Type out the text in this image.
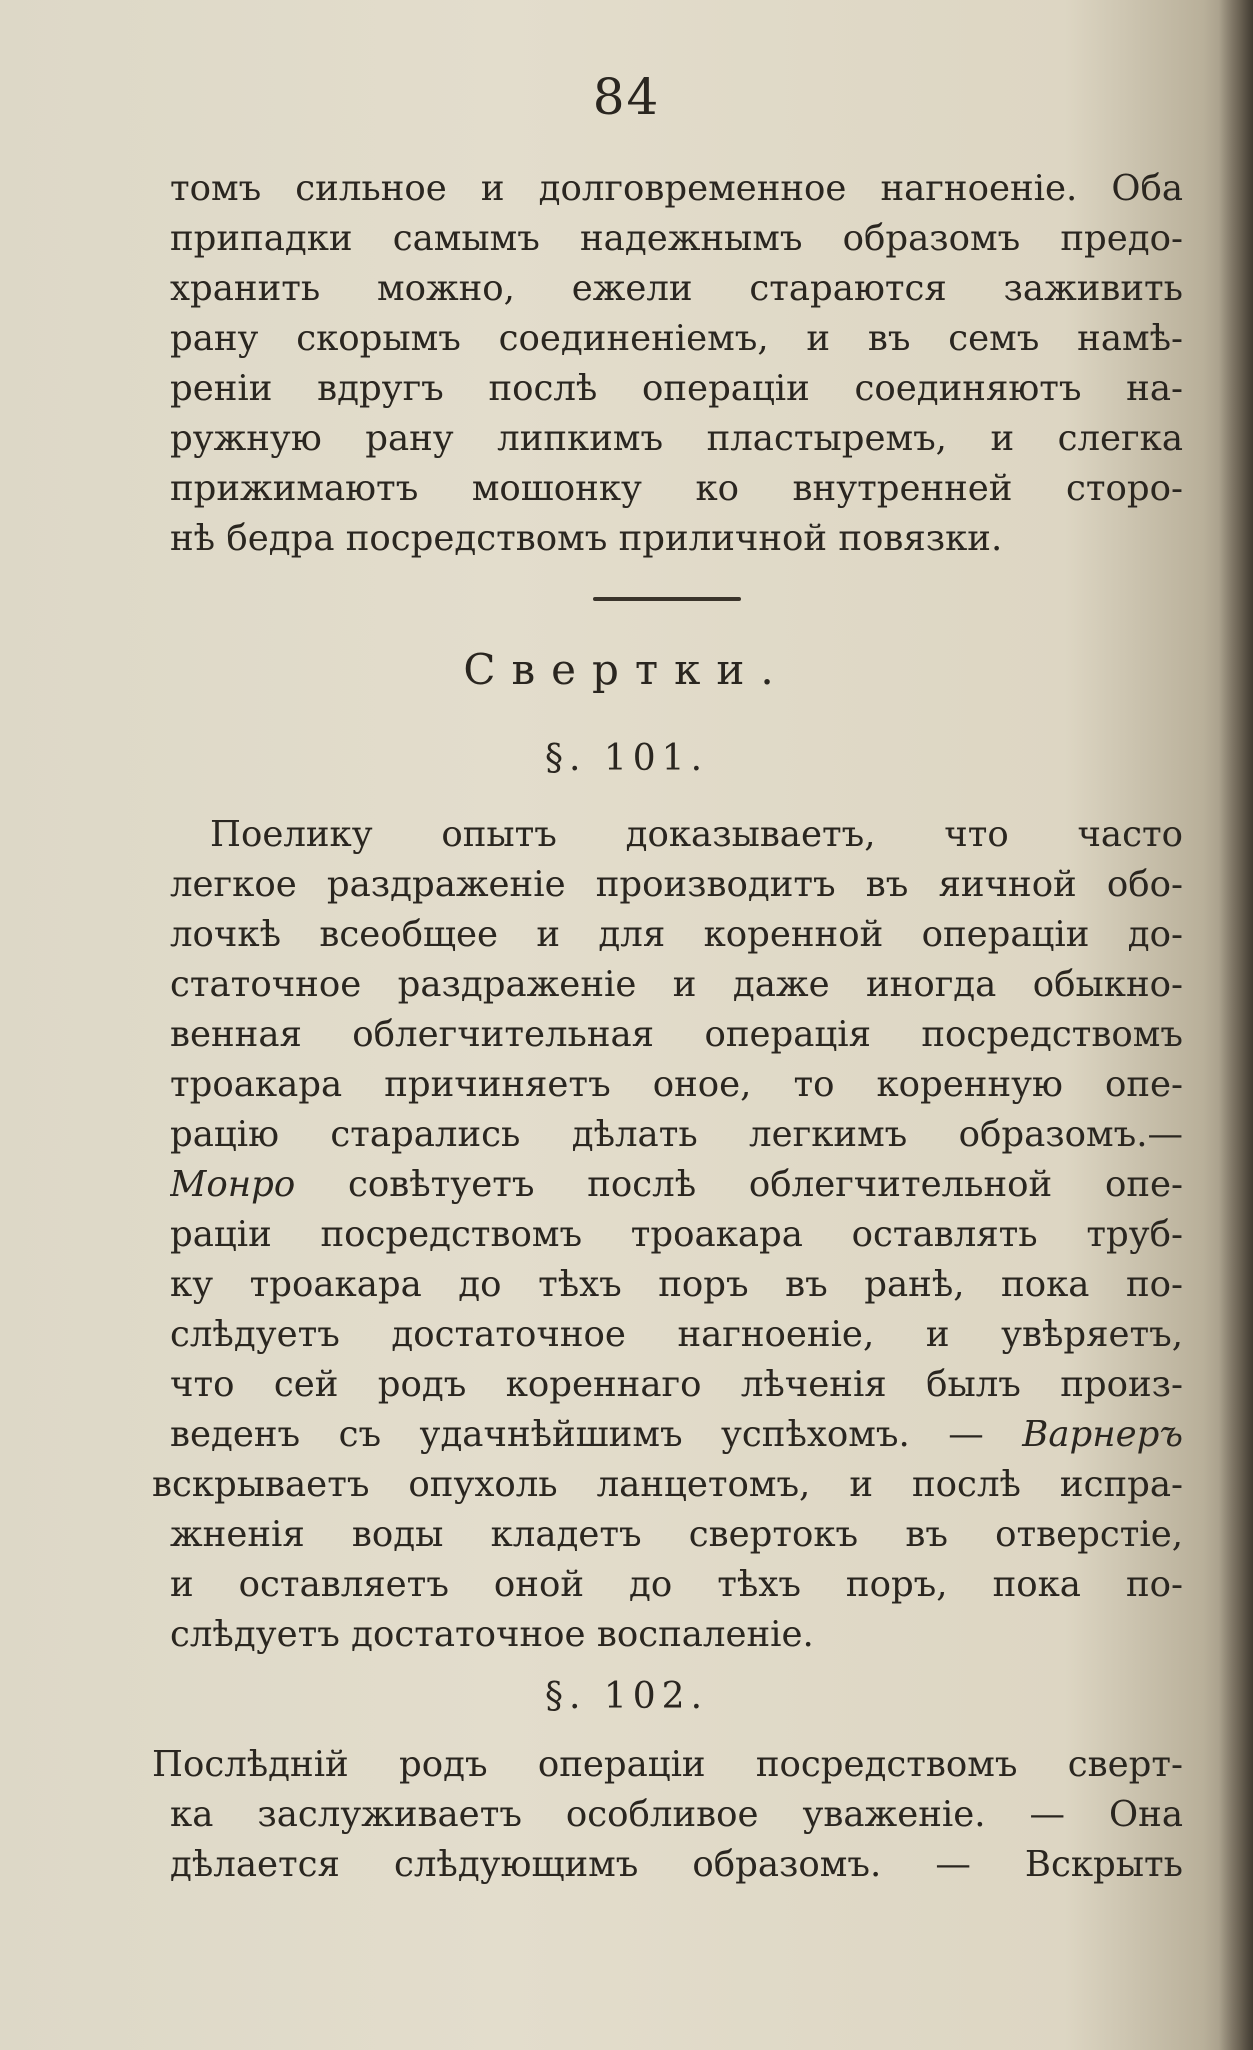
84
томъ сильное и долговременное нагноеніе. Оба
припадки самымъ надежнымъ образомъ предо-
хранить можно, ежели стараются заживить
рану скорымъ соединеніемъ, и въ семъ намѣ-
реніи вдругъ послѣ операціи соединяютъ на-
ружную рану липкимъ пластыремъ, и слегка
прижимаютъ мошонку ко внутренней сторо-
нѣ бедра посредствомъ приличной повязки.
Свертки.
§. 101.
Поелику опытъ доказываетъ, что часто
легкое раздраженіе производитъ въ яичной обо-
лочкѣ всеобщее и для коренной операціи до-
статочное раздраженіе и даже иногда обыкно-
венная облегчительная операція посредствомъ
троакара причиняетъ оное, то коренную опе-
рацію старались дѣлать легкимъ образомъ.—
Монро совѣтуетъ послѣ облегчительной опе-
раціи посредствомъ троакара оставлять труб-
ку троакара до тѣхъ поръ въ ранѣ, пока по-
слѣдуетъ достаточное нагноеніе, и увѣряетъ,
что сей родъ кореннаго лѣченія былъ произ-
веденъ съ удачнѣйшимъ успѣхомъ. — Варнеръ
вскрываетъ опухоль ланцетомъ, и послѣ испра-
жненія воды кладетъ свертокъ въ отверстіе,
и оставляетъ оной до тѣхъ поръ, пока по-
слѣдуетъ достаточное воспаленіе.
§. 102.
Послѣдній родъ операціи посредствомъ сверт-
ка заслуживаетъ особливое уваженіе. — Она
дѣлается слѣдующимъ образомъ. — Вскрыть
